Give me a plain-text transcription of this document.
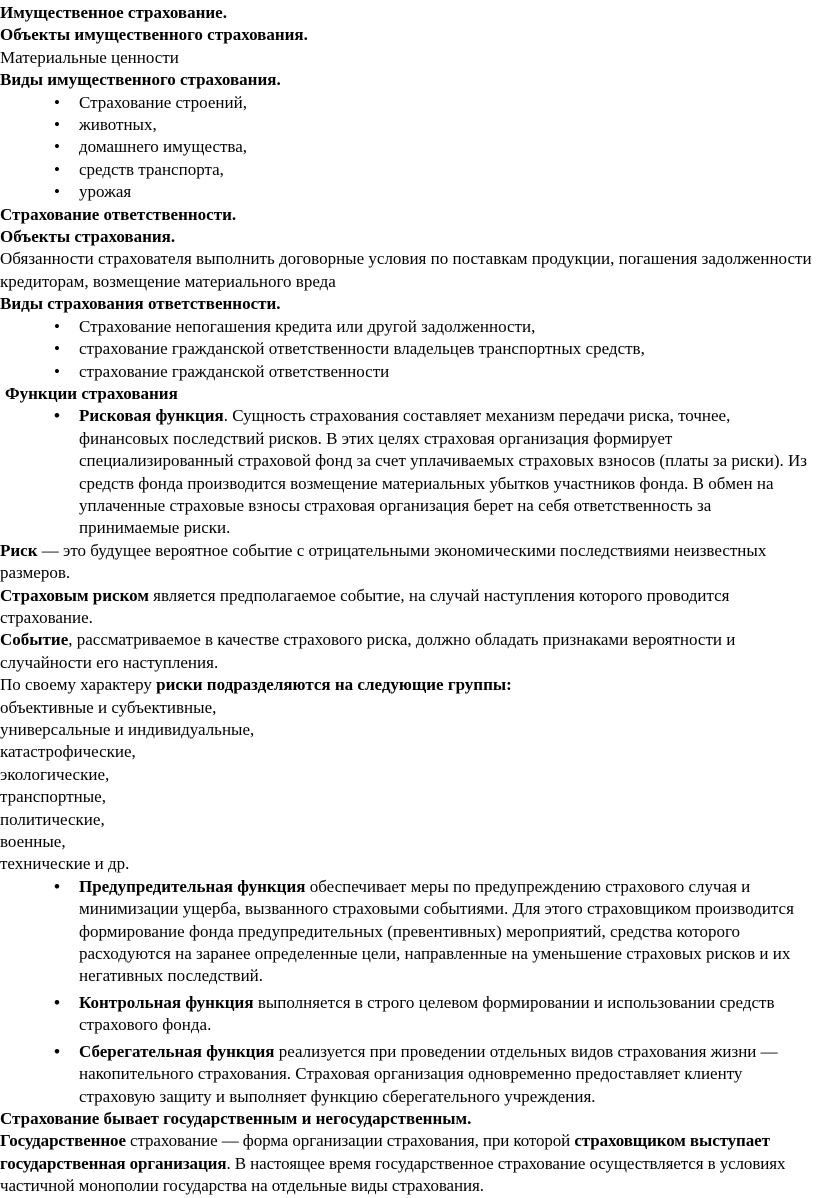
Имущественное страхование.

Объекты имущественного страхования.

Материальные ценности

Виды имущественного страхования.

• Страхование строений,
• животных,
• домашнего имущества,
• средств транспорта,
• урожая

Страхование ответственности.

Объекты страхования.

Обязанности страхователя выполнить договорные условия по поставкам продукции, погашения задолженности кредиторам, возмещение материального вреда

Виды страхования ответственности.

• Страхование непогашения кредита или другой задолженности,
• страхование гражданской ответственности владельцев транспортных средств,
• страхование гражданской ответственности

Функции страхования

• Рисковая функция. Сущность страхования составляет механизм передачи риска, точнее, финансовых последствий рисков. В этих целях страховая организация формирует специализированный страховой фонд за счет уплачиваемых страховых взносов (платы за риски). Из средств фонда производится возмещение материальных убытков участников фонда. В обмен на уплаченные страховые взносы страховая организация берет на себя ответственность за принимаемые риски.

Риск — это будущее вероятное событие с отрицательными экономическими последствиями неизвестных размеров.

Страховым риском является предполагаемое событие, на случай наступления которого проводится страхование.

Событие, рассматриваемое в качестве страхового риска, должно обладать признаками вероятности и случайности его наступления.

По своему характеру риски подразделяются на следующие группы:

объективные и субъективные,

универсальные и индивидуальные,

катастрофические,

экологические,

транспортные,

политические,

военные,

технические и др.

• Предупредительная функция обеспечивает меры по предупреждению страхового случая и минимизации ущерба, вызванного страховыми событиями. Для этого страховщиком производится формирование фонда предупредительных (превентивных) мероприятий, средства которого расходуются на заранее определенные цели, направленные на уменьшение страховых рисков и их негативных последствий.
• Контрольная функция выполняется в строго целевом формировании и использовании средств страхового фонда.
• Сберегательная функция реализуется при проведении отдельных видов страхования жизни — накопительного страхования. Страховая организация одновременно предоставляет клиенту страховую защиту и выполняет функцию сберегательного учреждения.

Страхование бывает государственным и негосударственным.

Государственное страхование — форма организации страхования, при которой страховщиком выступает государственная организация. В настоящее время государственное страхование осуществляется в условиях частичной монополии государства на отдельные виды страхования.
